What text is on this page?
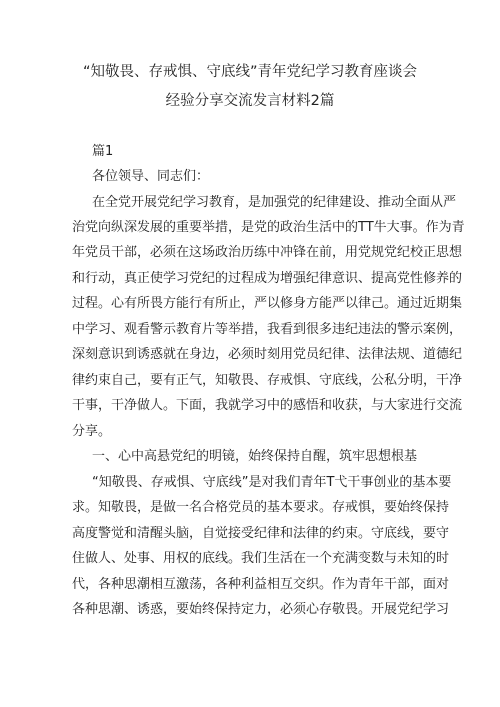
“知敬畏、存戒惧、守底线”青年党纪学习教育座谈会
经验分享交流发言材料2篇
篇1
各位领导、同志们：
在全党开展党纪学习教育，是加强党的纪律建设、推动全面从严
治党向纵深发展的重要举措，是党的政治生活中的TT牛大事。作为青
年党员干部，必须在这场政治历练中冲锋在前，用党规党纪校正思想
和行动，真正使学习党纪的过程成为增强纪律意识、提高党性修养的
过程。心有所畏方能行有所止，严以修身方能严以律己。通过近期集
中学习、观看警示教育片等举措，我看到很多违纪违法的警示案例，
深刻意识到诱惑就在身边，必须时刻用党员纪律、法律法规、道德纪
律约束自己，要有正气，知敬畏、存戒惧、守底线，公私分明，干净
干事，干净做人。下面，我就学习中的感悟和收获，与大家进行交流
分享。
一、心中高悬党纪的明镜，始终保持自醒，筑牢思想根基
“知敬畏、存戒惧、守底线”是对我们青年T弋干事创业的基本要
求。知敬畏，是做一名合格党员的基本要求。存戒惧，要始终保持
高度警觉和清醒头脑，自觉接受纪律和法律的约束。守底线，要守
住做人、处事、用权的底线。我们生活在一个充满变数与未知的时
代，各种思潮相互激荡，各种利益相互交织。作为青年干部，面对
各种思潮、诱惑，要始终保持定力，必须心存敬畏。开展党纪学习
